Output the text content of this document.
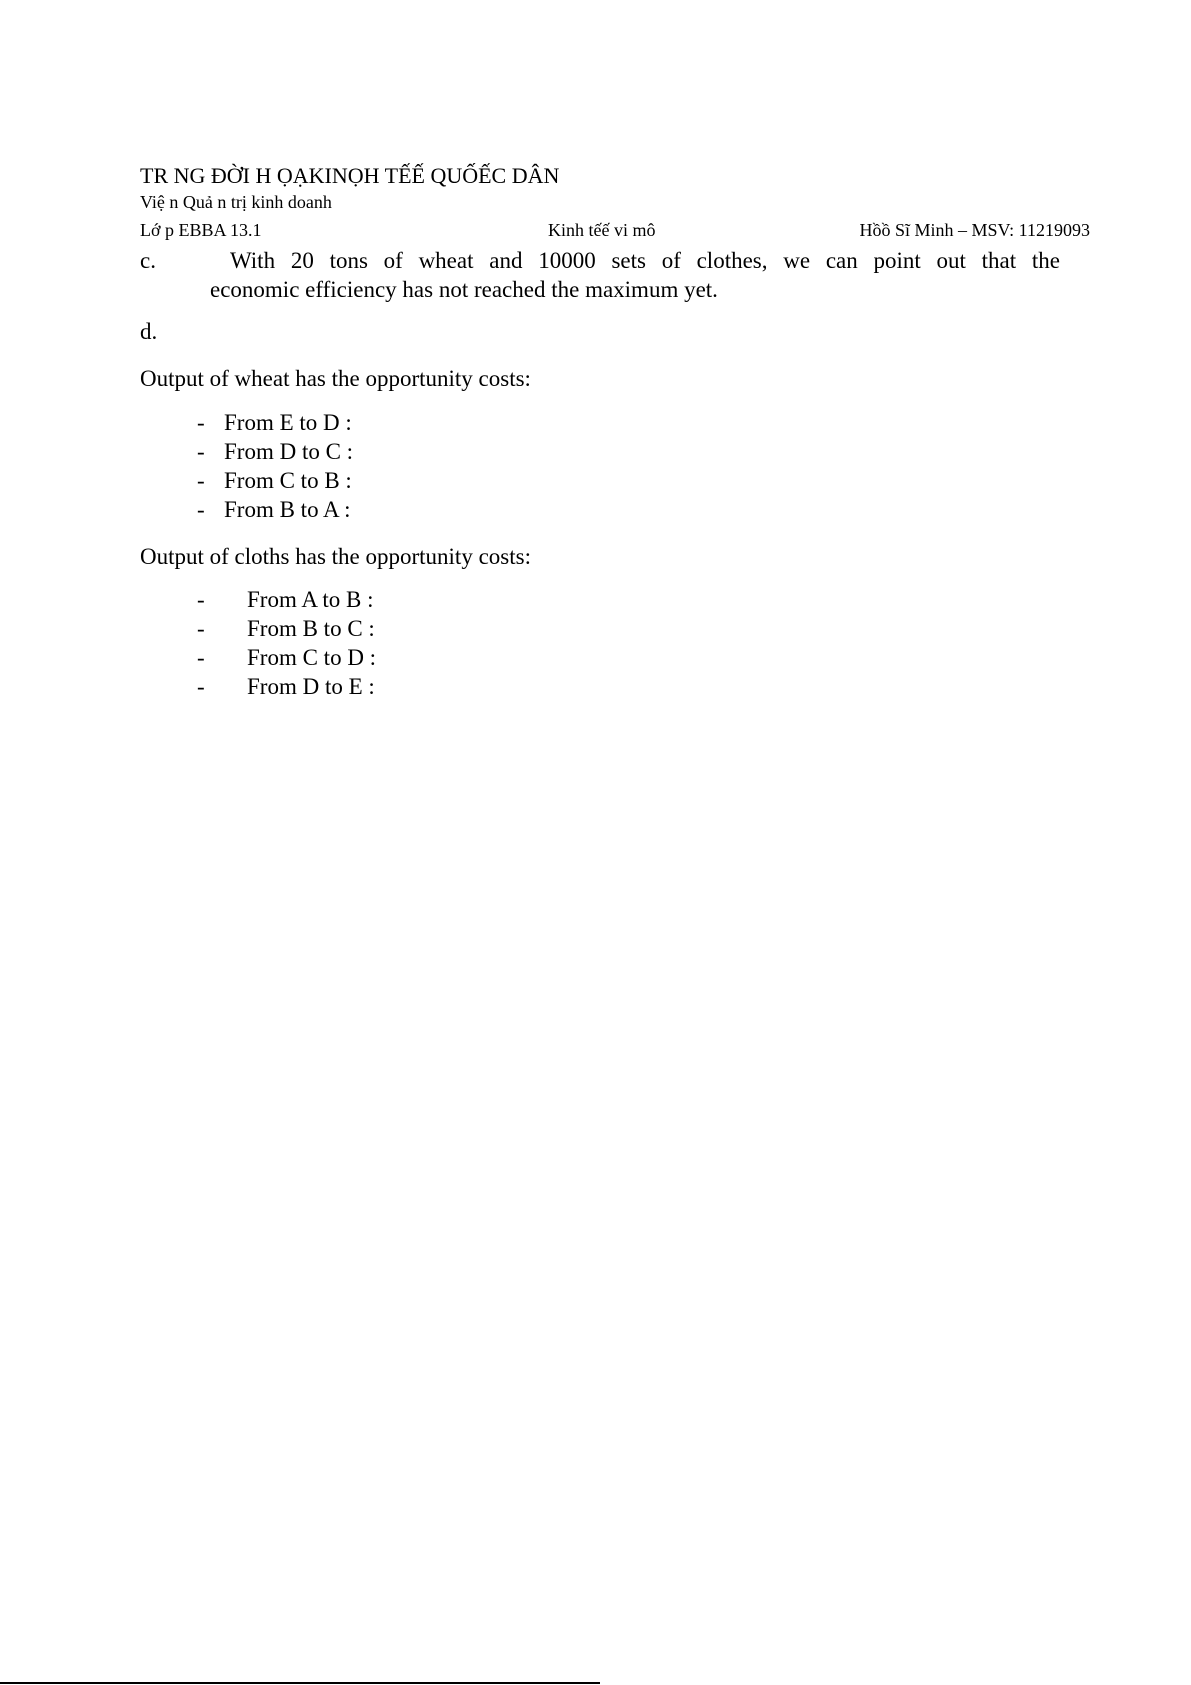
TR NG ĐỜI H ỌẠKINỌH TẾẾ QUỐẾC DÂN
Việ n Quả n trị kinh doanh
Lớ p EBBA 13.1	Kinh tếế vi mô	Hồồ Sĩ Minh – MSV: 11219093
c.	With 20 tons of wheat and 10000 sets of clothes, we can point out that the
economic efficiency has not reached the maximum yet.
d.
Output of wheat has the opportunity costs:
- From E to D :
- From D to C :
- From C to B :
- From B to A :
Output of cloths has the opportunity costs:
- From A to B :
- From B to C :
- From C to D :
- From D to E :
